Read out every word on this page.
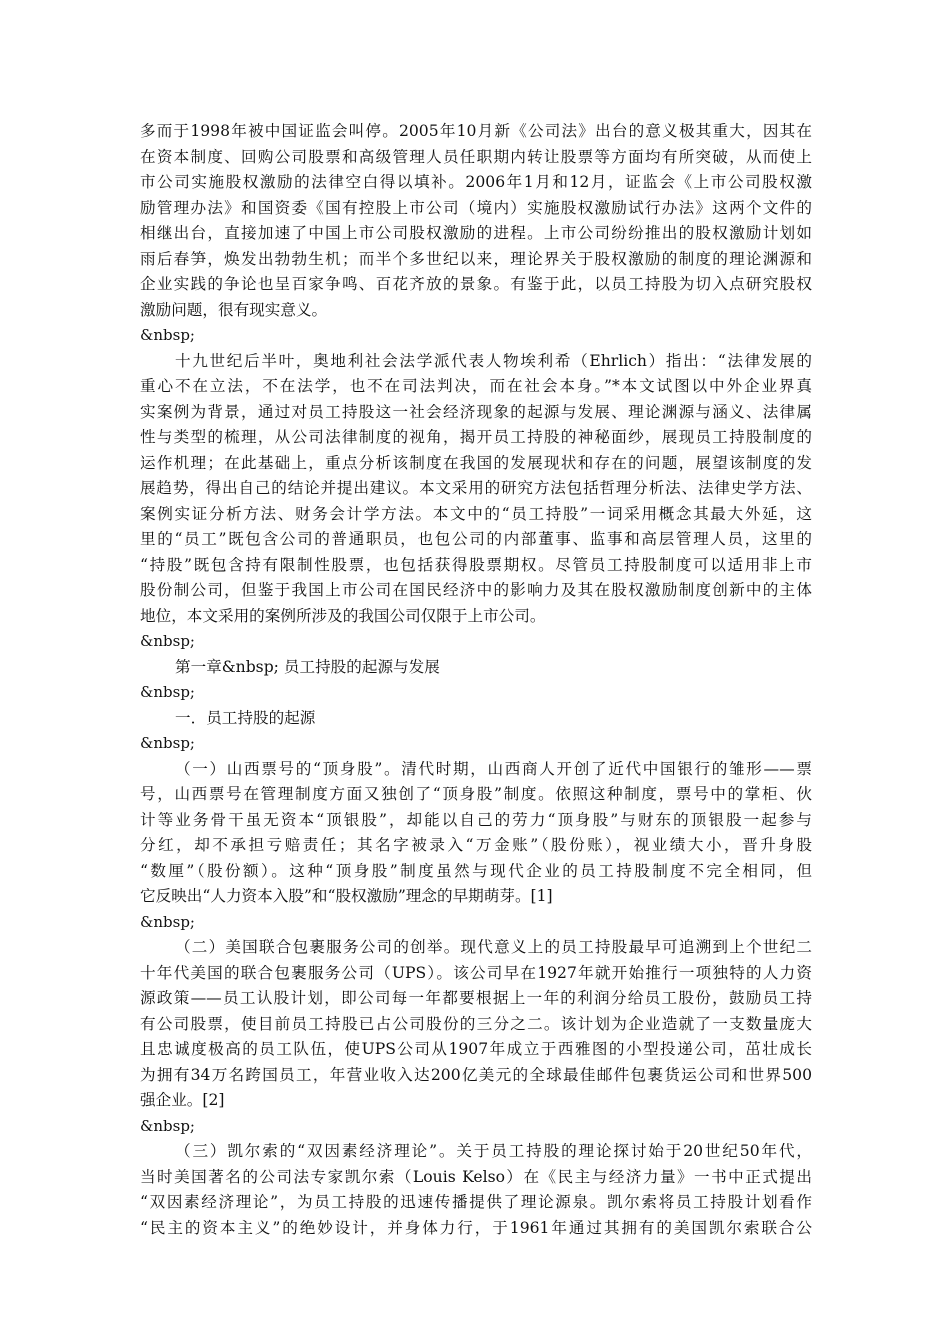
多而于1998年被中国证监会叫停。2005年10月新《公司法》出台的意义极其重大，因其在
在资本制度、回购公司股票和高级管理人员任职期内转让股票等方面均有所突破，从而使上
市公司实施股权激励的法律空白得以填补。2006年1月和12月，证监会《上市公司股权激
励管理办法》和国资委《国有控股上市公司（境内）实施股权激励试行办法》这两个文件的
相继出台，直接加速了中国上市公司股权激励的进程。上市公司纷纷推出的股权激励计划如
雨后春笋，焕发出勃勃生机；而半个多世纪以来，理论界关于股权激励的制度的理论渊源和
企业实践的争论也呈百家争鸣、百花齐放的景象。有鉴于此，以员工持股为切入点研究股权
激励问题，很有现实意义。
&nbsp;
十九世纪后半叶，奥地利社会法学派代表人物埃利希（Ehrlich）指出：“法律发展的
重心不在立法，不在法学，也不在司法判决，而在社会本身。”*本文试图以中外企业界真
实案例为背景，通过对员工持股这一社会经济现象的起源与发展、理论渊源与涵义、法律属
性与类型的梳理，从公司法律制度的视角，揭开员工持股的神秘面纱，展现员工持股制度的
运作机理；在此基础上，重点分析该制度在我国的发展现状和存在的问题，展望该制度的发
展趋势，得出自己的结论并提出建议。本文采用的研究方法包括哲理分析法、法律史学方法、
案例实证分析方法、财务会计学方法。本文中的“员工持股”一词采用概念其最大外延，这
里的“员工”既包含公司的普通职员，也包公司的内部董事、监事和高层管理人员，这里的
“持股”既包含持有限制性股票，也包括获得股票期权。尽管员工持股制度可以适用非上市
股份制公司，但鉴于我国上市公司在国民经济中的影响力及其在股权激励制度创新中的主体
地位，本文采用的案例所涉及的我国公司仅限于上市公司。
&nbsp;
第一章&nbsp; 员工持股的起源与发展
&nbsp;
一．员工持股的起源
&nbsp;
（一）山西票号的“顶身股”。清代时期，山西商人开创了近代中国银行的雏形——票
号，山西票号在管理制度方面又独创了“顶身股”制度。依照这种制度，票号中的掌柜、伙
计等业务骨干虽无资本“顶银股”，却能以自己的劳力“顶身股”与财东的顶银股一起参与
分红，却不承担亏赔责任；其名字被录入“万金账”（股份账），视业绩大小，晋升身股
“数厘”（股份额）。这种“顶身股”制度虽然与现代企业的员工持股制度不完全相同，但
它反映出“人力资本入股”和“股权激励”理念的早期萌芽。[1]
&nbsp;
（二）美国联合包裹服务公司的创举。现代意义上的员工持股最早可追溯到上个世纪二
十年代美国的联合包裹服务公司（UPS）。该公司早在1927年就开始推行一项独特的人力资
源政策——员工认股计划，即公司每一年都要根据上一年的利润分给员工股份，鼓励员工持
有公司股票，使目前员工持股已占公司股份的三分之二。该计划为企业造就了一支数量庞大
且忠诚度极高的员工队伍，使UPS公司从1907年成立于西雅图的小型投递公司，茁壮成长
为拥有34万名跨国员工，年营业收入达200亿美元的全球最佳邮件包裹货运公司和世界500
强企业。[2]
&nbsp;
（三）凯尔索的“双因素经济理论”。关于员工持股的理论探讨始于20世纪50年代，
当时美国著名的公司法专家凯尔索（Louis Kelso）在《民主与经济力量》一书中正式提出
“双因素经济理论”，为员工持股的迅速传播提供了理论源泉。凯尔索将员工持股计划看作
“民主的资本主义”的绝妙设计，并身体力行，于1961年通过其拥有的美国凯尔索联合公
